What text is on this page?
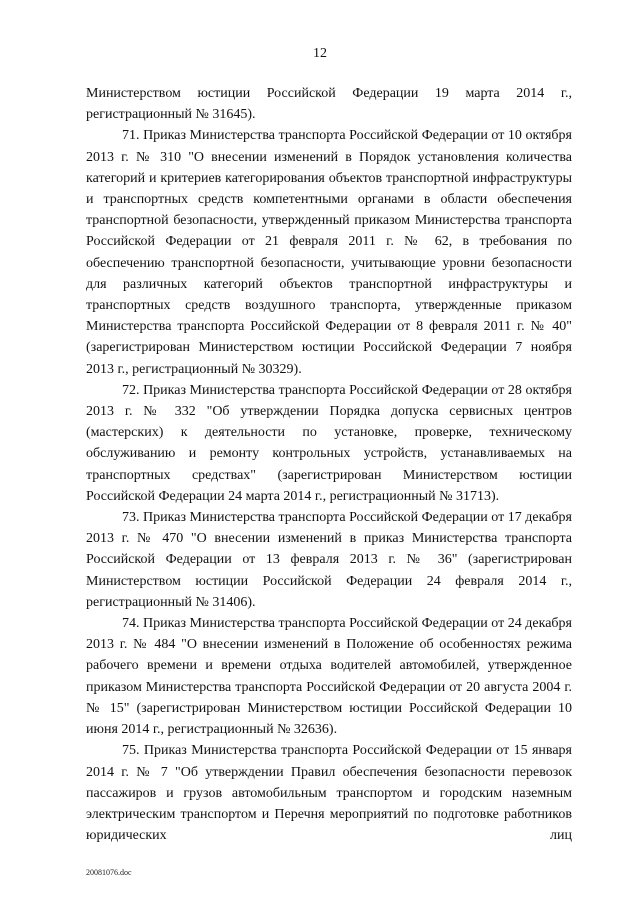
12

Министерством юстиции Российской Федерации 19 марта 2014 г., регистрационный № 31645).

71. Приказ Министерства транспорта Российской Федерации от 10 октября 2013 г. № 310 "О внесении изменений в Порядок установления количества категорий и критериев категорирования объектов транспортной инфраструктуры и транспортных средств компетентными органами в области обеспечения транспортной безопасности, утвержденный приказом Министерства транспорта Российской Федерации от 21 февраля 2011 г. № 62, в требования по обеспечению транспортной безопасности, учитывающие уровни безопасности для различных категорий объектов транспортной инфраструктуры и транспортных средств воздушного транспорта, утвержденные приказом Министерства транспорта Российской Федерации от 8 февраля 2011 г. № 40" (зарегистрирован Министерством юстиции Российской Федерации 7 ноября 2013 г., регистрационный № 30329).

72. Приказ Министерства транспорта Российской Федерации от 28 октября 2013 г. № 332 "Об утверждении Порядка допуска сервисных центров (мастерских) к деятельности по установке, проверке, техническому обслуживанию и ремонту контрольных устройств, устанавливаемых на транспортных средствах" (зарегистрирован Министерством юстиции Российской Федерации 24 марта 2014 г., регистрационный № 31713).

73. Приказ Министерства транспорта Российской Федерации от 17 декабря 2013 г. № 470 "О внесении изменений в приказ Министерства транспорта Российской Федерации от 13 февраля 2013 г. № 36" (зарегистрирован Министерством юстиции Российской Федерации 24 февраля 2014 г., регистрационный № 31406).

74. Приказ Министерства транспорта Российской Федерации от 24 декабря 2013 г. № 484 "О внесении изменений в Положение об особенностях режима рабочего времени и времени отдыха водителей автомобилей, утвержденное приказом Министерства транспорта Российской Федерации от 20 августа 2004 г. № 15" (зарегистрирован Министерством юстиции Российской Федерации 10 июня 2014 г., регистрационный № 32636).

75. Приказ Министерства транспорта Российской Федерации от 15 января 2014 г. № 7 "Об утверждении Правил обеспечения безопасности перевозок пассажиров и грузов автомобильным транспортом и городским наземным электрическим транспортом и Перечня мероприятий по подготовке работников юридических лиц

20081076.doc
